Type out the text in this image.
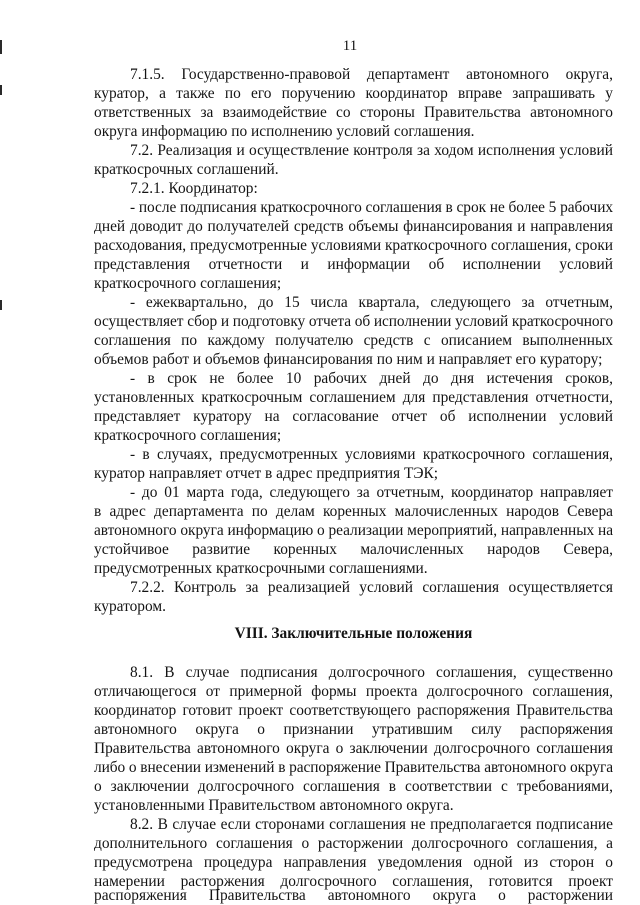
11
7.1.5. Государственно-правовой департамент автономного округа,
куратор, а также по его поручению координатор вправе запрашивать у
ответственных за взаимодействие со стороны Правительства автономного
округа информацию по исполнению условий соглашения.
7.2. Реализация и осуществление контроля за ходом исполнения условий
краткосрочных соглашений.
7.2.1. Координатор:
- после подписания краткосрочного соглашения в срок не более 5 рабочих
дней доводит до получателей средств объемы финансирования и направления
расходования, предусмотренные условиями краткосрочного соглашения, сроки
представления отчетности и информации об исполнении условий
краткосрочного соглашения;
- ежеквартально, до 15 числа квартала, следующего за отчетным,
осуществляет сбор и подготовку отчета об исполнении условий краткосрочного
соглашения по каждому получателю средств с описанием выполненных
объемов работ и объемов финансирования по ним и направляет его куратору;
- в срок не более 10 рабочих дней до дня истечения сроков,
установленных краткосрочным соглашением для представления отчетности,
представляет куратору на согласование отчет об исполнении условий
краткосрочного соглашения;
- в случаях, предусмотренных условиями краткосрочного соглашения,
куратор направляет отчет в адрес предприятия ТЭК;
- до 01 марта года, следующего за отчетным, координатор направляет
в адрес департамента по делам коренных малочисленных народов Севера
автономного округа информацию о реализации мероприятий, направленных на
устойчивое развитие коренных малочисленных народов Севера,
предусмотренных краткосрочными соглашениями.
7.2.2. Контроль за реализацией условий соглашения осуществляется
куратором.
VIII. Заключительные положения
8.1. В случае подписания долгосрочного соглашения, существенно
отличающегося от примерной формы проекта долгосрочного соглашения,
координатор готовит проект соответствующего распоряжения Правительства
автономного округа о признании утратившим силу распоряжения
Правительства автономного округа о заключении долгосрочного соглашения
либо о внесении изменений в распоряжение Правительства автономного округа
о заключении долгосрочного соглашения в соответствии с требованиями,
установленными Правительством автономного округа.
8.2. В случае если сторонами соглашения не предполагается подписание
дополнительного соглашения о расторжении долгосрочного соглашения, а
предусмотрена процедура направления уведомления одной из сторон о
намерении расторжения долгосрочного соглашения, готовится проект
распоряжения Правительства автономного округа о расторжении
